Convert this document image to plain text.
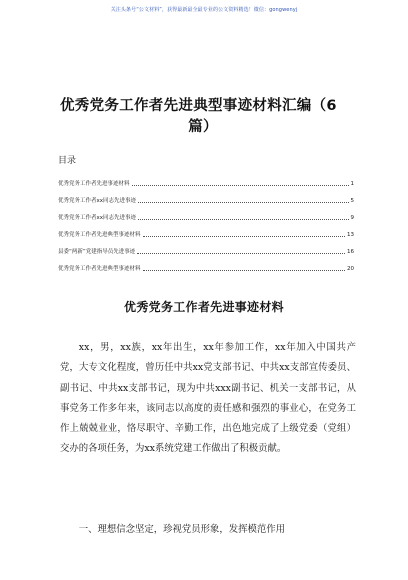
关注头条号“公文材料”，获得最新最全最专业的公文资料精选！微信：gongwenyj
优秀党务工作者先进典型事迹材料汇编（6
篇）
目录
优秀党务工作者先进事迹材料	1
优秀党务工作者xx同志先进事迹	5
优秀党务工作者xx同志先进事迹	9
优秀党务工作者先进典型事迹材料	13
县委“两新”党建指导员先进事迹	16
优秀党务工作者先进典型事迹材料	20
优秀党务工作者先进事迹材料

xx，男，xx族，xx年出生，xx年参加工作，xx年加入中国共产党，大专文化程度，曾历任中共xx党支部书记、中共xx支部宣传委员、副书记、中共xx支部书记，现为中共xxx副书记、机关一支部书记，从事党务工作多年来，该同志以高度的责任感和强烈的事业心，在党务工作上兢兢业业，恪尽职守、辛勤工作，出色地完成了上级党委（党组）交办的各项任务，为xx系统党建工作做出了积极贡献。

一、理想信念坚定，珍视党员形象，发挥模范作用
